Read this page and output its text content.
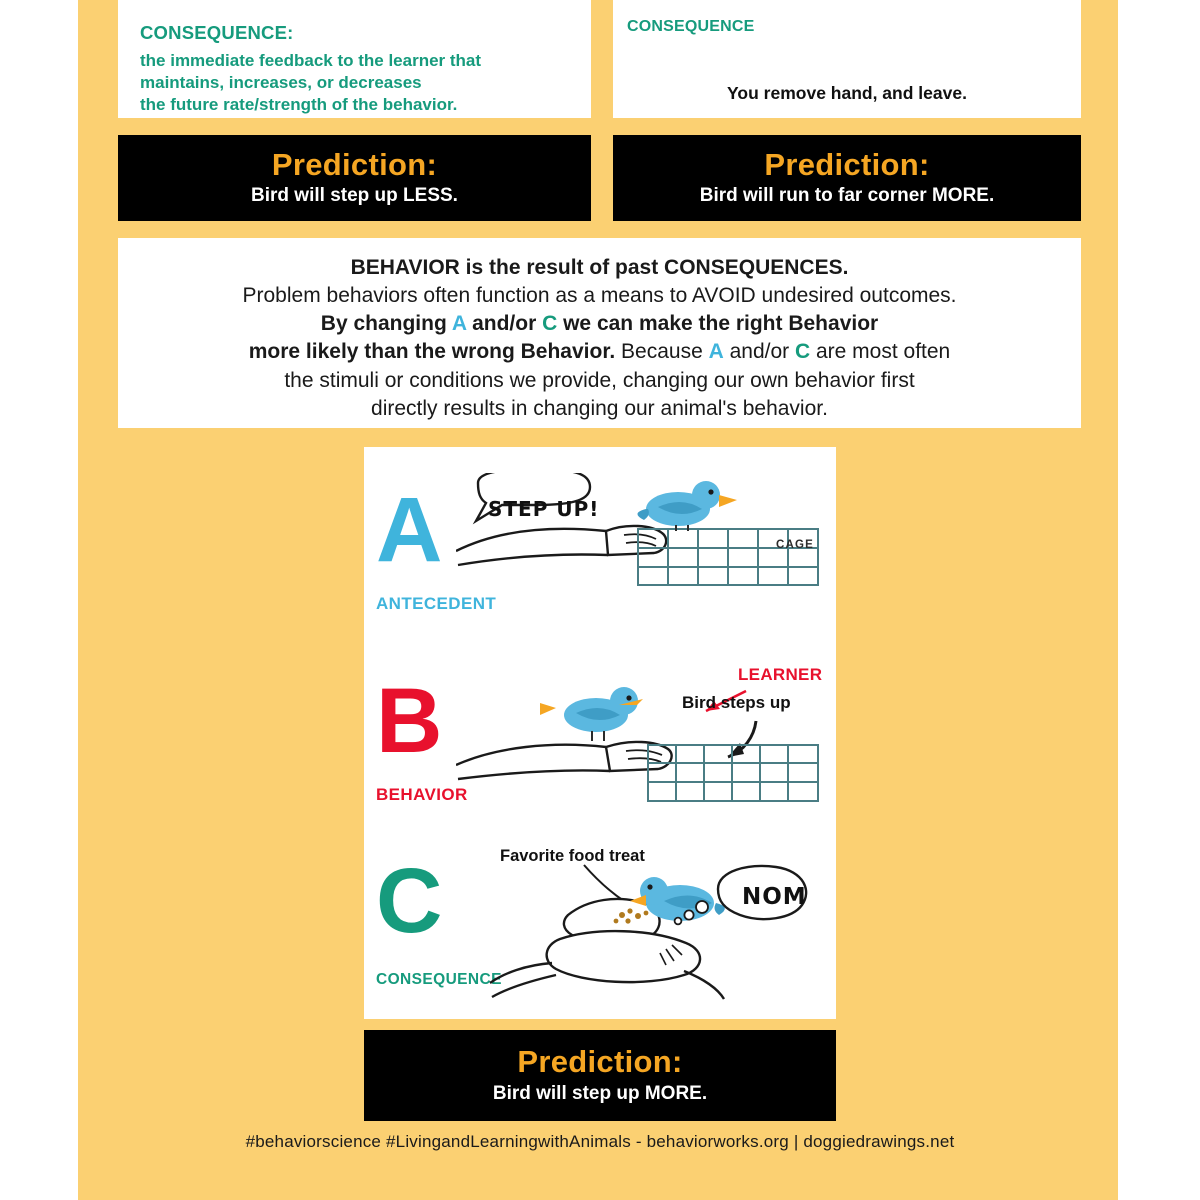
CONSEQUENCE:
the immediate feedback to the learner that
maintains, increases, or decreases
the future rate/strength of the behavior.
CONSEQUENCE
You remove hand, and leave.
Prediction:
Bird will step up LESS.
Prediction:
Bird will run to far corner MORE.
BEHAVIOR is the result of past CONSEQUENCES.
Problem behaviors often function as a means to AVOID undesired outcomes.
By changing A and/or C we can make the right Behavior
more likely than the wrong Behavior. Because A and/or C are most often
the stimuli or conditions we provide, changing our own behavior first
directly results in changing our animal's behavior.
A
ANTECEDENT
STEP UP!
CAGE
B
BEHAVIOR
LEARNER
Bird steps up
C
CONSEQUENCE
Favorite food treat
NOM
Prediction:
Bird will step up MORE.
#behaviorscience #LivingandLearningwithAnimals - behaviorworks.org | doggiedrawings.net
